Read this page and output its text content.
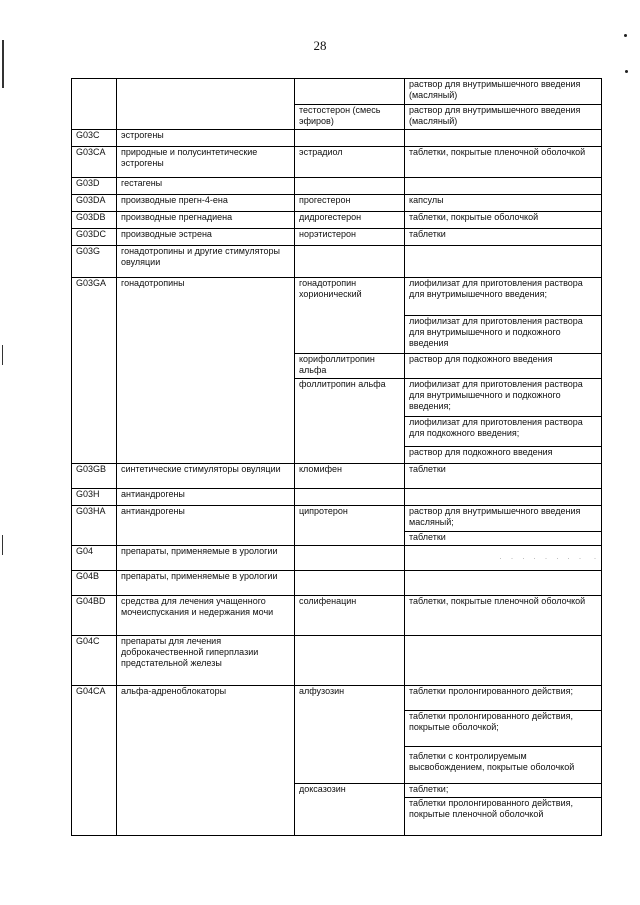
28
			раствор для внутримышечного введения (масляный)
		тестостерон (смесь эфиров)	раствор для внутримышечного введения (масляный)
G03C	эстрогены		
G03CA	природные и полусинтетические эстрогены	эстрадиол	таблетки, покрытые пленочной оболочкой
G03D	гестагены		
G03DA	производные прегн-4-ена	прогестерон	капсулы
G03DB	производные прегнадиена	дидрогестерон	таблетки, покрытые оболочкой
G03DC	производные эстрена	норэтистерон	таблетки
G03G	гонадотропины и другие стимуляторы овуляции		
G03GA	гонадотропины	гонадотропин хорионический	лиофилизат для приготовления раствора для внутримышечного введения;
			лиофилизат для приготовления раствора для внутримышечного и подкожного введения
		корифоллитропин альфа	раствор для подкожного введения
		фоллитропин альфа	лиофилизат для приготовления раствора для внутримышечного и подкожного введения;
			лиофилизат для приготовления раствора для подкожного введения;
			раствор для подкожного введения
G03GB	синтетические стимуляторы овуляции	кломифен	таблетки
G03H	антиандрогены		
G03HA	антиандрогены	ципротерон	раствор для внутримышечного введения масляный;
			таблетки
G04	препараты, применяемые в урологии		·  ·  ·  ·  ·  ·  ·  ·   ·

G04B	препараты, применяемые в урологии		
G04BD	средства для лечения учащенного мочеиспускания и недержания мочи	солифенацин	таблетки, покрытые пленочной оболочкой
G04C	препараты для лечения доброкачественной гиперплазии предстательной железы		
G04CA	альфа-адреноблокаторы	алфузозин	таблетки пролонгированного действия;
			таблетки пролонгированного действия, покрытые оболочкой;
			таблетки с контролируемым высвобождением, покрытые оболочкой
		доксазозин	таблетки;
			таблетки пролонгированного действия, покрытые пленочной оболочкой
